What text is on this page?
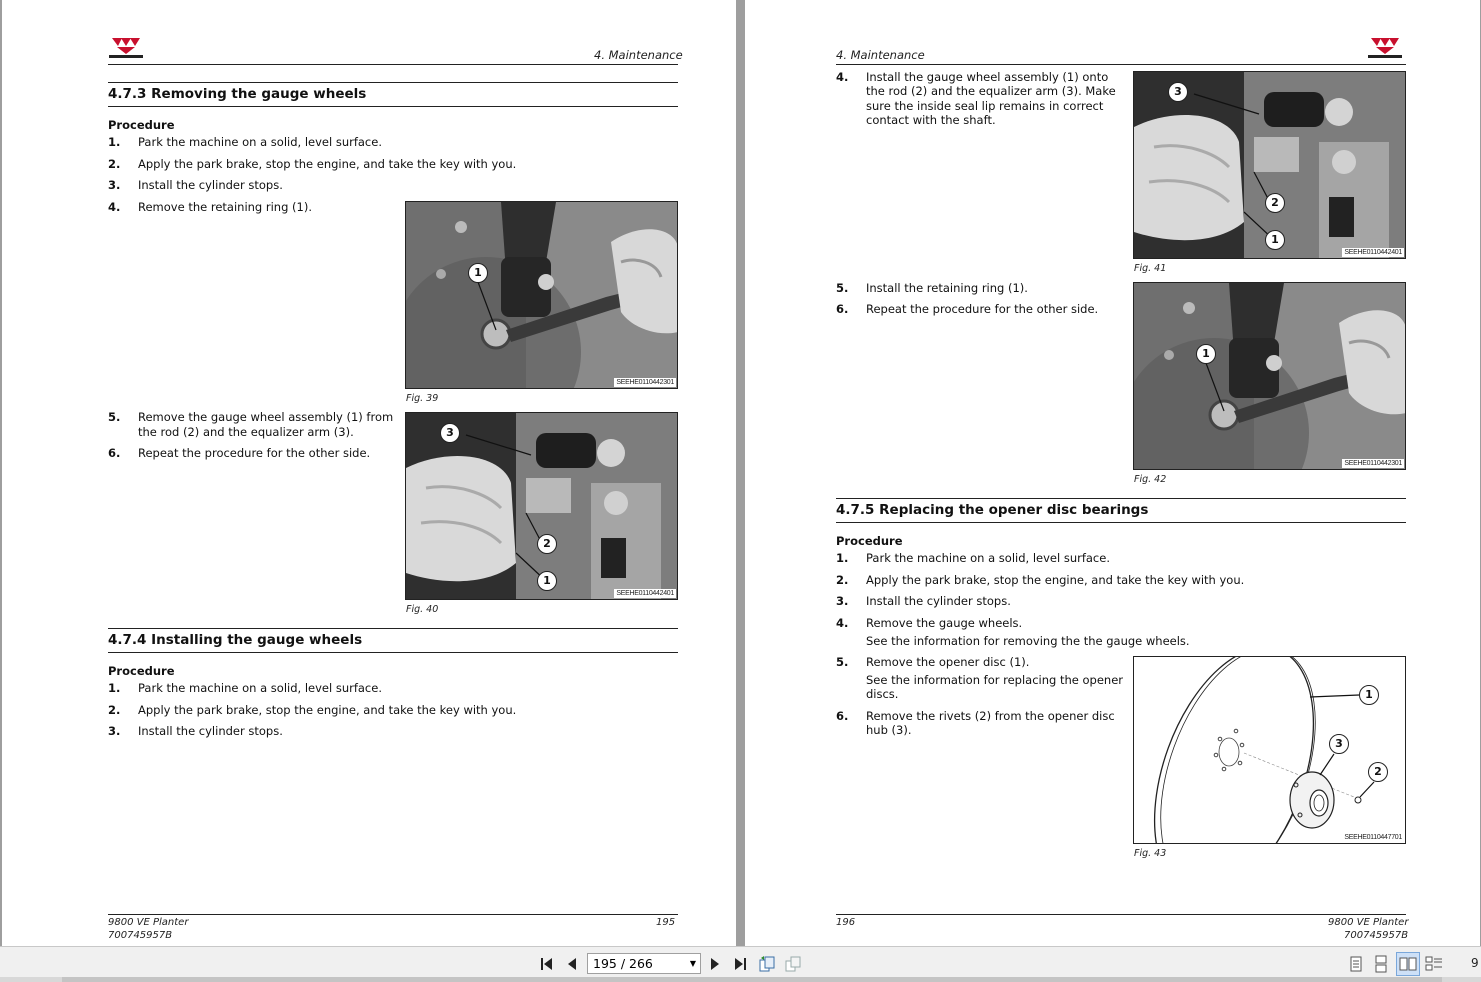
4. Maintenance
4.7.3 Removing the gauge wheels
Procedure
1. Park the machine on a solid, level surface.
2. Apply the park brake, stop the engine, and take the key with you.
3. Install the cylinder stops.
4. Remove the retaining ring (1).
1
SEEHE0110442301
Fig. 39
5. Remove the gauge wheel assembly (1) from
the rod (2) and the equalizer arm (3).
6. Repeat the procedure for the other side.
3
2
1
SEEHE0110442401
Fig. 40
4.7.4 Installing the gauge wheels
Procedure
1. Park the machine on a solid, level surface.
2. Apply the park brake, stop the engine, and take the key with you.
3. Install the cylinder stops.
9800 VE Planter
700745957B
195
4. Maintenance
4. Install the gauge wheel assembly (1) onto
the rod (2) and the equalizer arm (3). Make
sure the inside seal lip remains in correct
contact with the shaft.
3
2
1
SEEHE0110442401
Fig. 41
5. Install the retaining ring (1).
6. Repeat the procedure for the other side.
1
SEEHE0110442301
Fig. 42
4.7.5 Replacing the opener disc bearings
Procedure
1. Park the machine on a solid, level surface.
2. Apply the park brake, stop the engine, and take the key with you.
3. Install the cylinder stops.
4. Remove the gauge wheels.
See the information for removing the the gauge wheels.
5. Remove the opener disc (1).
See the information for replacing the opener
discs.
6. Remove the rivets (2) from the opener disc
hub (3).
1
3
2
SEEHE0110447701
Fig. 43
196	9800 VE Planter
700745957B
195 / 266	▼	9
